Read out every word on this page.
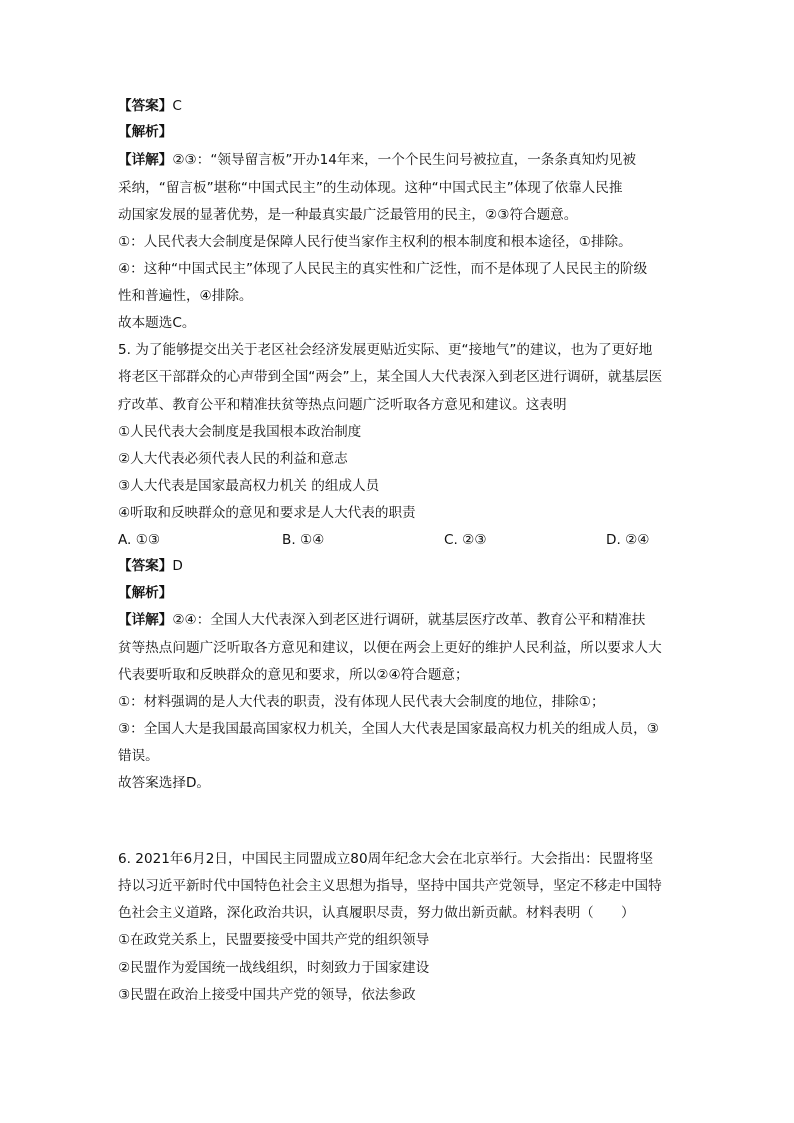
【答案】C
【解析】
【详解】②③：“领导留言板”开办14年来，一个个民生问号被拉直，一条条真知灼见被
采纳，“留言板”堪称“中国式民主”的生动体现。这种“中国式民主”体现了依靠人民推
动国家发展的显著优势，是一种最真实最广泛最管用的民主，②③符合题意。
①：人民代表大会制度是保障人民行使当家作主权利的根本制度和根本途径，①排除。
④：这种“中国式民主”体现了人民民主的真实性和广泛性，而不是体现了人民民主的阶级
性和普遍性，④排除。
故本题选C。
5. 为了能够提交出关于老区社会经济发展更贴近实际、更“接地气”的建议，也为了更好地
将老区干部群众的心声带到全国“两会”上，某全国人大代表深入到老区进行调研，就基层医
疗改革、教育公平和精准扶贫等热点问题广泛听取各方意见和建议。这表明
①人民代表大会制度是我国根本政治制度
②人大代表必须代表人民的利益和意志
③人大代表是国家最高权力机关 的组成人员
④听取和反映群众的意见和要求是人大代表的职责
A. ①③	B. ①④	C. ②③	D. ②④
【答案】D
【解析】
【详解】②④：全国人大代表深入到老区进行调研，就基层医疗改革、教育公平和精准扶
贫等热点问题广泛听取各方意见和建议，以便在两会上更好的维护人民利益，所以要求人大
代表要听取和反映群众的意见和要求，所以②④符合题意；
①：材料强调的是人大代表的职责，没有体现人民代表大会制度的地位，排除①；
③：全国人大是我国最高国家权力机关，全国人大代表是国家最高权力机关的组成人员，③
错误。
故答案选择D。
6. 2021年6月2日，中国民主同盟成立80周年纪念大会在北京举行。大会指出：民盟将坚
持以习近平新时代中国特色社会主义思想为指导，坚持中国共产党领导，坚定不移走中国特
色社会主义道路，深化政治共识，认真履职尽责，努力做出新贡献。材料表明（　　）
①在政党关系上，民盟要接受中国共产党的组织领导
②民盟作为爱国统一战线组织，时刻致力于国家建设
③民盟在政治上接受中国共产党的领导，依法参政
